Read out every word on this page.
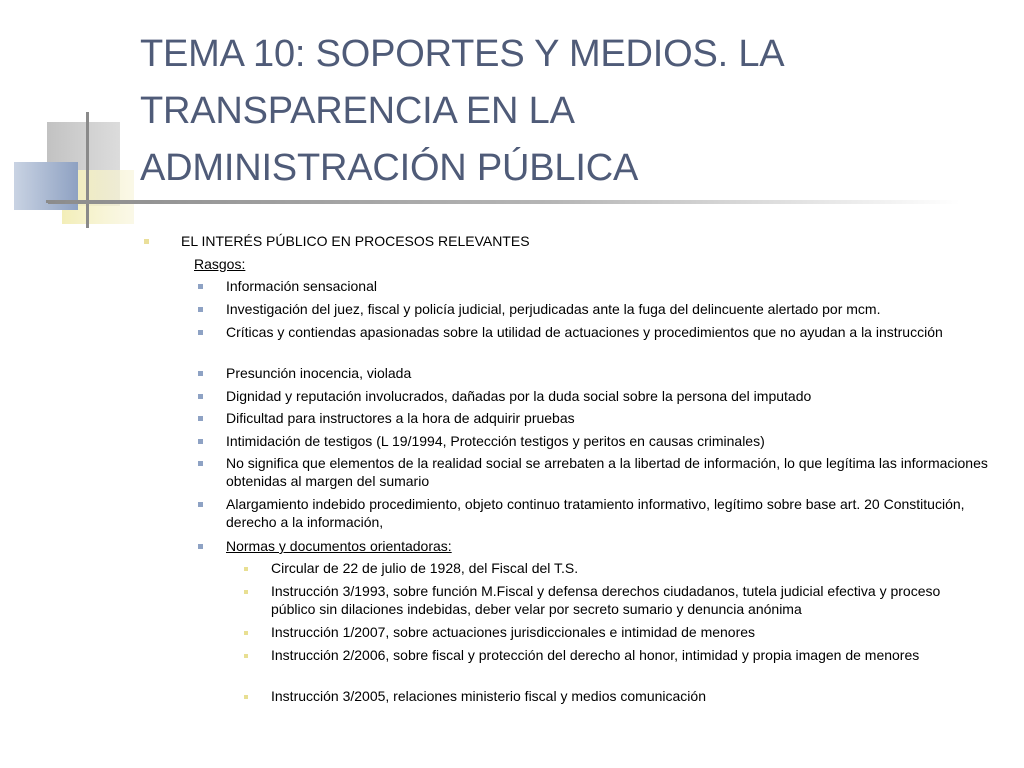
TEMA 10: SOPORTES Y MEDIOS. LA
TRANSPARENCIA EN LA
ADMINISTRACIÓN PÚBLICA
EL INTERÉS PÚBLICO EN PROCESOS RELEVANTES
Rasgos:
Información sensacional
Investigación del juez, fiscal y policía judicial, perjudicadas ante la fuga del delincuente alertado por mcm.
Críticas y contiendas apasionadas sobre la utilidad de actuaciones y procedimientos que no ayudan a la instrucción
Presunción inocencia, violada
Dignidad y reputación involucrados, dañadas por la duda social sobre la persona del imputado
Dificultad para instructores a la hora de adquirir pruebas
Intimidación de testigos (L 19/1994, Protección testigos y peritos en causas criminales)
No significa que elementos de la realidad social se arrebaten a la libertad de información, lo que legítima las informaciones obtenidas al margen del sumario
Alargamiento indebido procedimiento, objeto continuo tratamiento informativo, legítimo sobre base art. 20 Constitución, derecho a la información,
Normas y documentos orientadoras:
Circular de 22 de julio de 1928, del Fiscal del T.S.
Instrucción 3/1993, sobre función M.Fiscal y defensa derechos ciudadanos, tutela judicial efectiva y proceso público sin dilaciones indebidas, deber velar por secreto sumario y denuncia anónima
Instrucción 1/2007, sobre actuaciones jurisdiccionales e intimidad de menores
Instrucción 2/2006, sobre fiscal y protección del derecho al honor, intimidad y propia imagen de menores
Instrucción 3/2005, relaciones ministerio fiscal y medios comunicación
